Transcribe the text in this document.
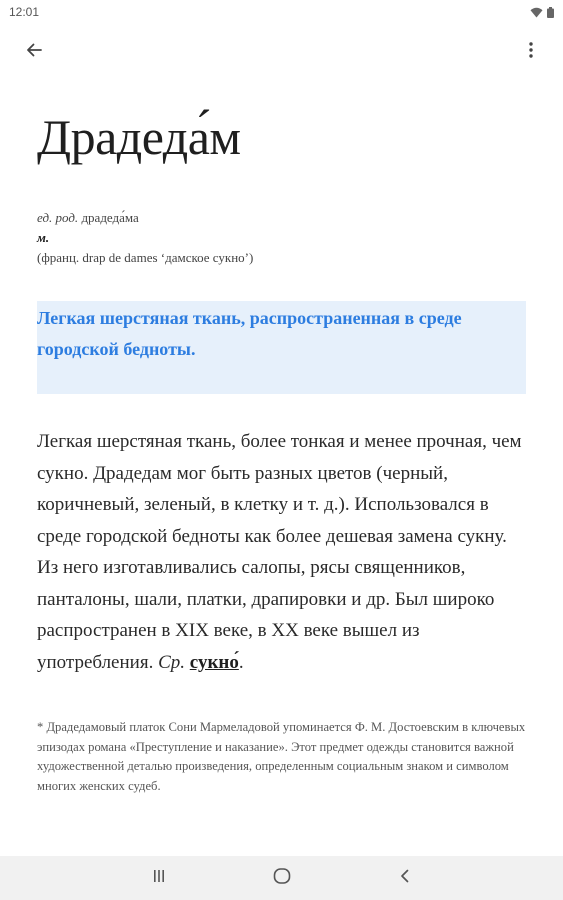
12:01
Драдеда́м
ед. род. драдеда́ма
м.
(франц. drap de dames ‘дамское сукно’)
Легкая шерстяная ткань, распространенная в среде городской бедноты.
Легкая шерстяная ткань, более тонкая и менее прочная, чем сукно. Драдедам мог быть разных цветов (черный, коричневый, зеленый, в клетку и т. д.). Использовался в среде городской бедноты как более дешевая замена сукну. Из него изготавливались салопы, рясы священников, панталоны, шали, платки, драпировки и др. Был широко распространен в XIX веке, в XX веке вышел из употребления. Ср. сукно́.
* Драдедамовый платок Сони Мармеладовой упоминается Ф. М. Достоевским в ключевых эпизодах романа «Преступление и наказание». Этот предмет одежды становится важной художественной деталью произведения, определенным социальным знаком и символом многих женских судеб.
